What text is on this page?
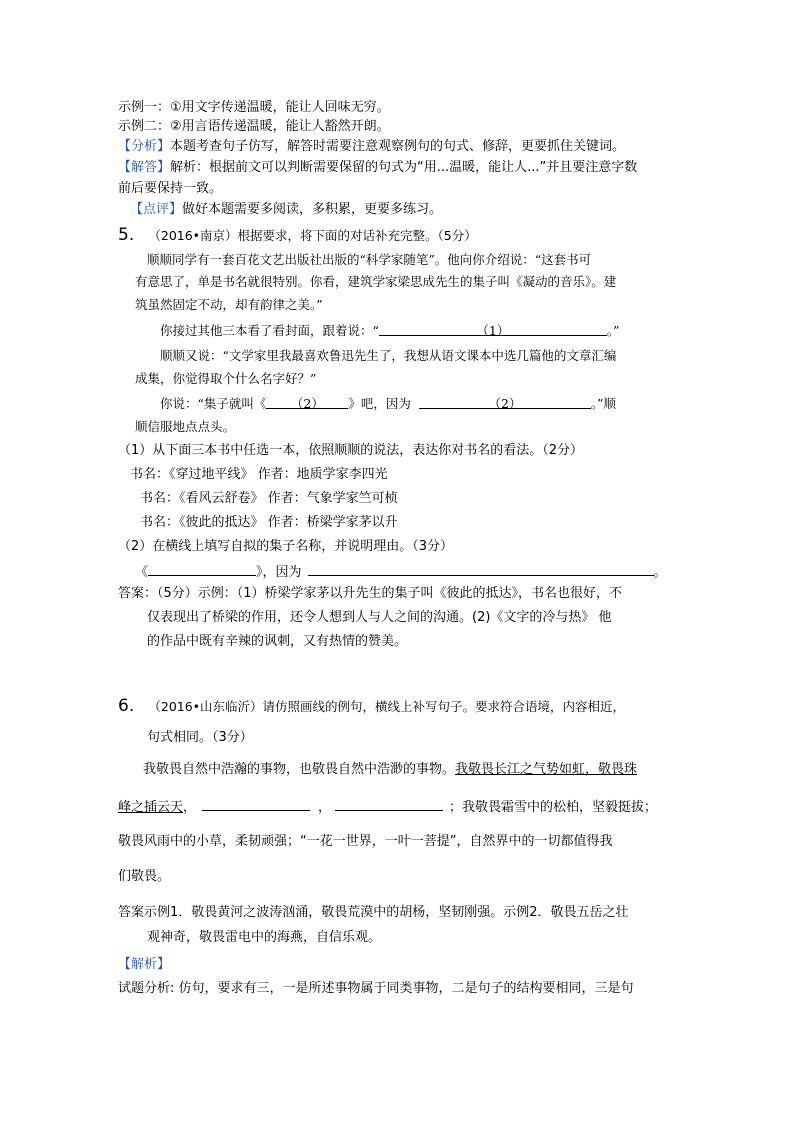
示例一：①用文字传递温暖，能让人回味无穷。
示例二：②用言语传递温暖，能让人豁然开朗。
【分析】本题考查句子仿写，解答时需要注意观察例句的句式、修辞，更要抓住关键词。
【解答】解析：根据前文可以判断需要保留的句式为“用...温暖，能让人...”并且要注意字数
前后要保持一致。
【点评】做好本题需要多阅读，多积累，更要多练习。
5. （2016•南京）根据要求，将下面的对话补充完整。（5分）
顺顺同学有一套百花文艺出版社出版的“科学家随笔”。他向你介绍说：“这套书可
有意思了，单是书名就很特别。你看，建筑学家梁思成先生的集子叫《凝动的音乐》。建
筑虽然固定不动，却有韵律之美。”
你接过其他三本看了看封面，跟着说：“	（1）	。”
顺顺又说：“文学家里我最喜欢鲁迅先生了，我想从语文课本中选几篇他的文章汇编
成集，你觉得取个什么名字好？”
你说：“集子就叫《 （2） 》吧，因为	（2）	。”顺
顺信服地点点头。
（1）从下面三本书中任选一本，依照顺顺的说法，表达你对书名的看法。（2分）
书名：《穿过地平线》 作者：地质学家李四光
书名：《看风云舒卷》 作者：气象学家竺可桢
书名：《彼此的抵达》 作者：桥梁学家茅以升
（2）在横线上填写自拟的集子名称，并说明理由。（3分）
《	》，因为	。
答案：（5分）示例：（1）桥梁学家茅以升先生的集子叫《彼此的抵达》，书名也很好，不
仅表现出了桥梁的作用，还令人想到人与人之间的沟通。(2)《文字的冷与热》 他
的作品中既有辛辣的讽刺，又有热情的赞美。
6. （2016•山东临沂）请仿照画线的例句，横线上补写句子。要求符合语境，内容相近，
句式相同。（3分）
我敬畏自然中浩瀚的事物，也敬畏自然中浩渺的事物。我敬畏长江之气势如虹，敬畏珠
峰之插云天，	，	；我敬畏霜雪中的松柏，坚毅挺拔；
敬畏风雨中的小草，柔韧顽强；“一花一世界，一叶一菩提”，自然界中的一切都值得我
们敬畏。
答案示例1．敬畏黄河之波涛汹涌，敬畏荒漠中的胡杨，坚韧刚强。示例2．敬畏五岳之壮
观神奇，敬畏雷电中的海燕，自信乐观。
【解析】
试题分析: 仿句，要求有三，一是所述事物属于同类事物，二是句子的结构要相同，三是句
